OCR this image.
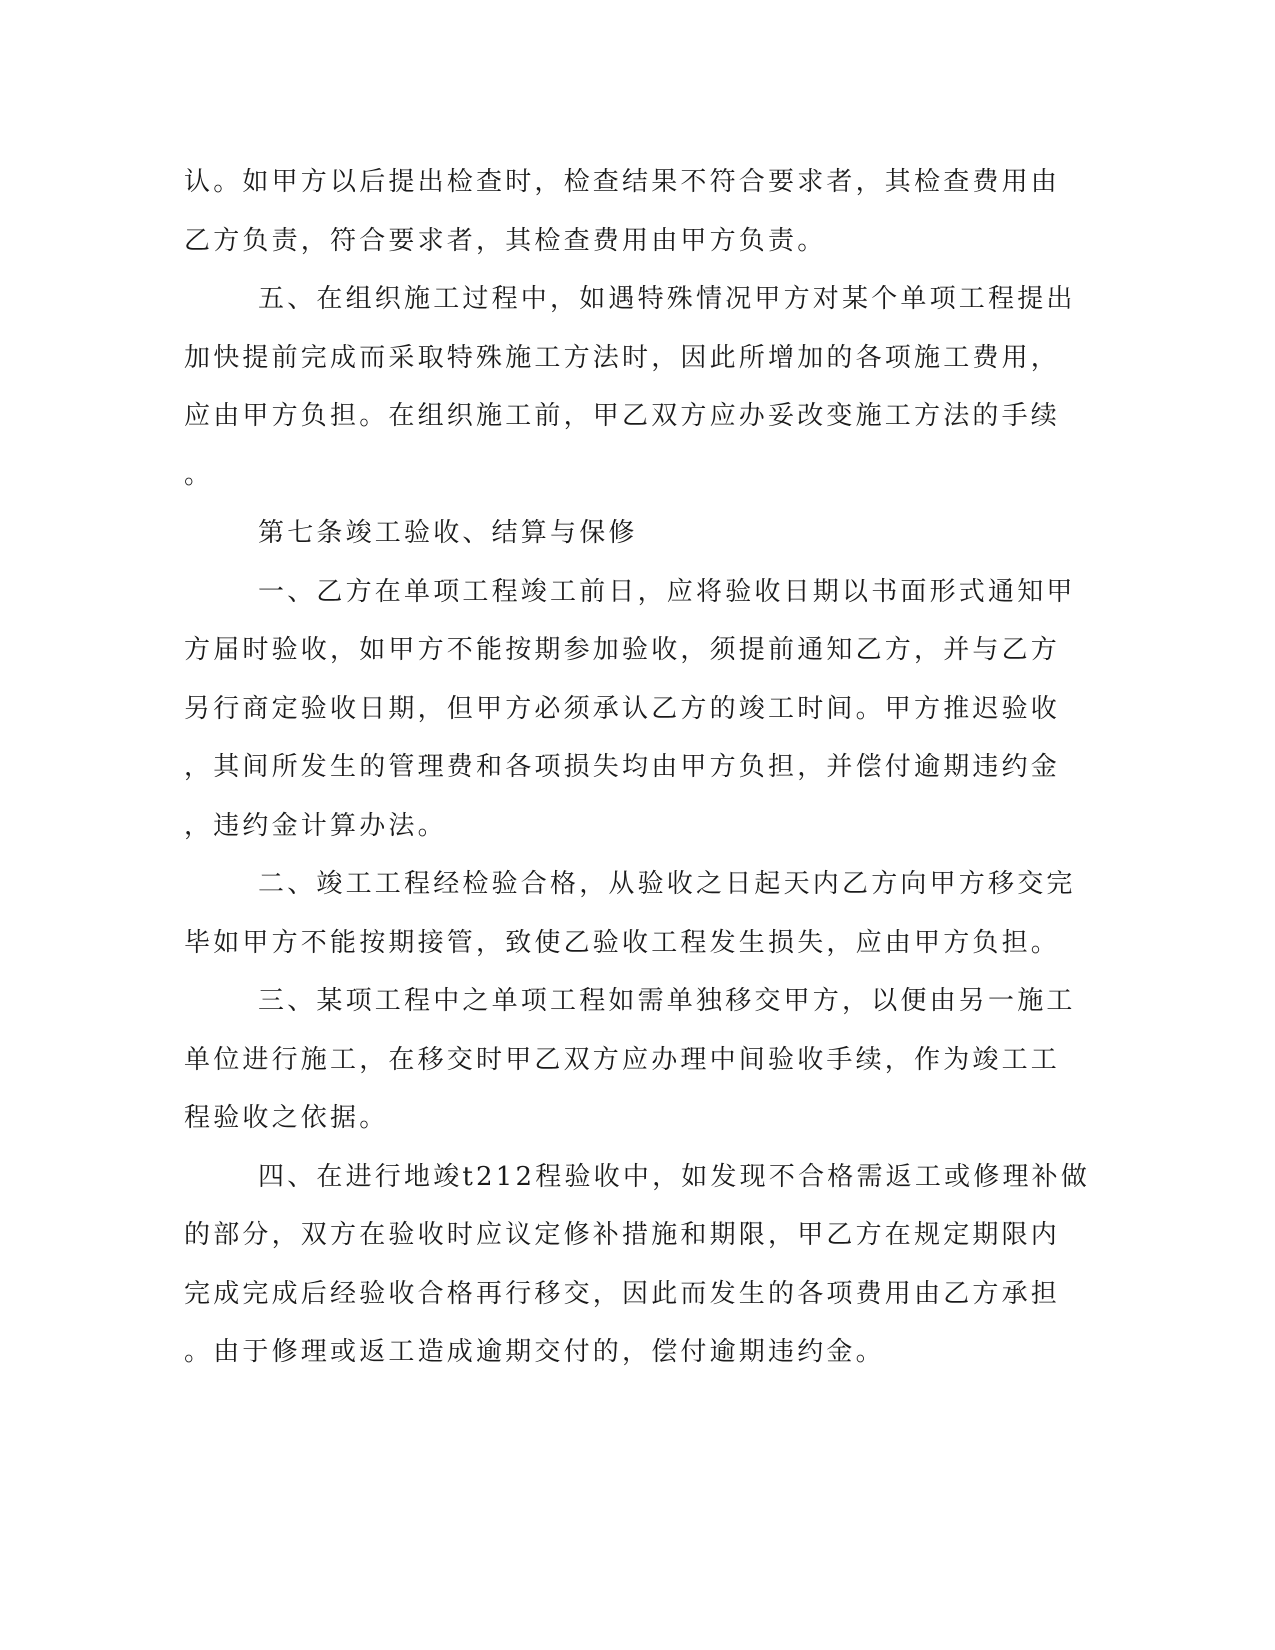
认。如甲方以后提出检查时，检查结果不符合要求者，其检查费用由
乙方负责，符合要求者，其检查费用由甲方负责。
五、在组织施工过程中，如遇特殊情况甲方对某个单项工程提出
加快提前完成而采取特殊施工方法时，因此所增加的各项施工费用，
应由甲方负担。在组织施工前，甲乙双方应办妥改变施工方法的手续
。
第七条竣工验收、结算与保修
一、乙方在单项工程竣工前日，应将验收日期以书面形式通知甲
方届时验收，如甲方不能按期参加验收，须提前通知乙方，并与乙方
另行商定验收日期，但甲方必须承认乙方的竣工时间。甲方推迟验收
，其间所发生的管理费和各项损失均由甲方负担，并偿付逾期违约金
，违约金计算办法。
二、竣工工程经检验合格，从验收之日起天内乙方向甲方移交完
毕如甲方不能按期接管，致使乙验收工程发生损失，应由甲方负担。
三、某项工程中之单项工程如需单独移交甲方，以便由另一施工
单位进行施工，在移交时甲乙双方应办理中间验收手续，作为竣工工
程验收之依据。
四、在进行地竣t212程验收中，如发现不合格需返工或修理补做
的部分，双方在验收时应议定修补措施和期限，甲乙方在规定期限内
完成完成后经验收合格再行移交，因此而发生的各项费用由乙方承担
。由于修理或返工造成逾期交付的，偿付逾期违约金。
